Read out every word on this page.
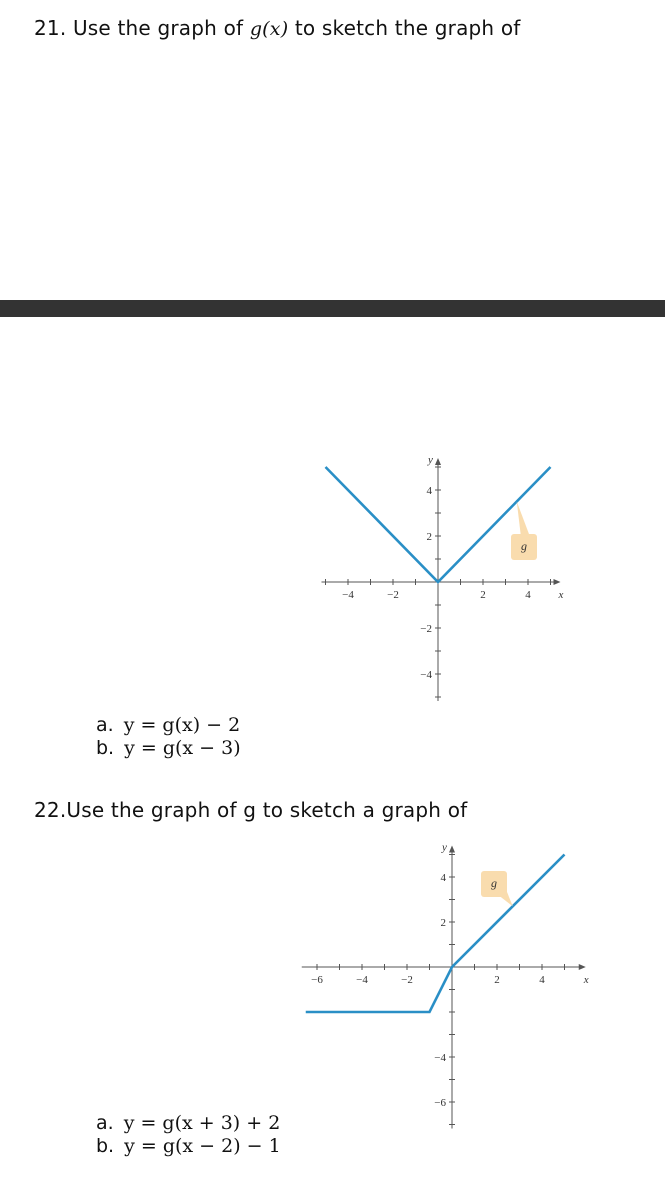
21. Use the graph of g(x) to sketch the graph of
−4	−2	2	4
−4
−2
2
4
x
y
g
a. y = g(x) − 2
b. y = g(x − 3)
22.Use the graph of g to sketch a graph of
−6	−4	−2	2	4
−6
−4
2
4
x
y
g
a. y = g(x + 3) + 2
b. y = g(x − 2) − 1
